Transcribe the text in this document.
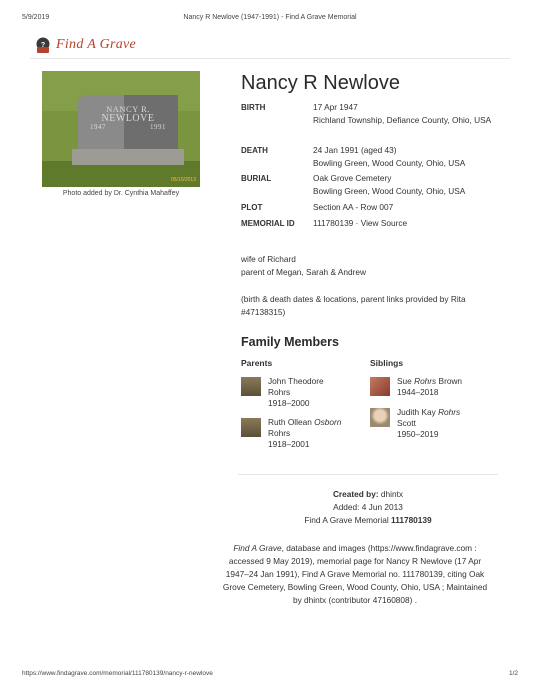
5/9/2019	Nancy R Newlove (1947-1991) - Find A Grave Memorial
? Find A Grave
NANCY R.
NEWLOVE
1947	1991
05/10/2013
Photo added by Dr. Cynthia Mahaffey
Nancy R Newlove
BIRTH	17 Apr 1947
Richland Township, Defiance County, Ohio, USA
DEATH	24 Jan 1991 (aged 43)
Bowling Green, Wood County, Ohio, USA
BURIAL	Oak Grove Cemetery
Bowling Green, Wood County, Ohio, USA
PLOT	Section AA - Row 007
MEMORIAL ID 111780139 · View Source
wife of Richard
parent of Megan, Sarah & Andrew
(birth & death dates & locations, parent links provided by Rita #47138315)
Family Members
Parents	Siblings
John Theodore
Rohrs
1918–2000
Ruth Ollean Osborn
Rohrs
1918–2001
Sue Rohrs Brown
1944–2018
Judith Kay Rohrs
Scott
1950–2019
Created by: dhintx
Added: 4 Jun 2013
Find A Grave Memorial 111780139
Find A Grave, database and images (https://www.findagrave.com : accessed 9 May 2019), memorial page for Nancy R Newlove (17 Apr 1947–24 Jan 1991), Find A Grave Memorial no. 111780139, citing Oak Grove Cemetery, Bowling Green, Wood County, Ohio, USA ; Maintained by dhintx (contributor 47160808) .
https://www.findagrave.com/memorial/111780139/nancy-r-newlove	1/2
